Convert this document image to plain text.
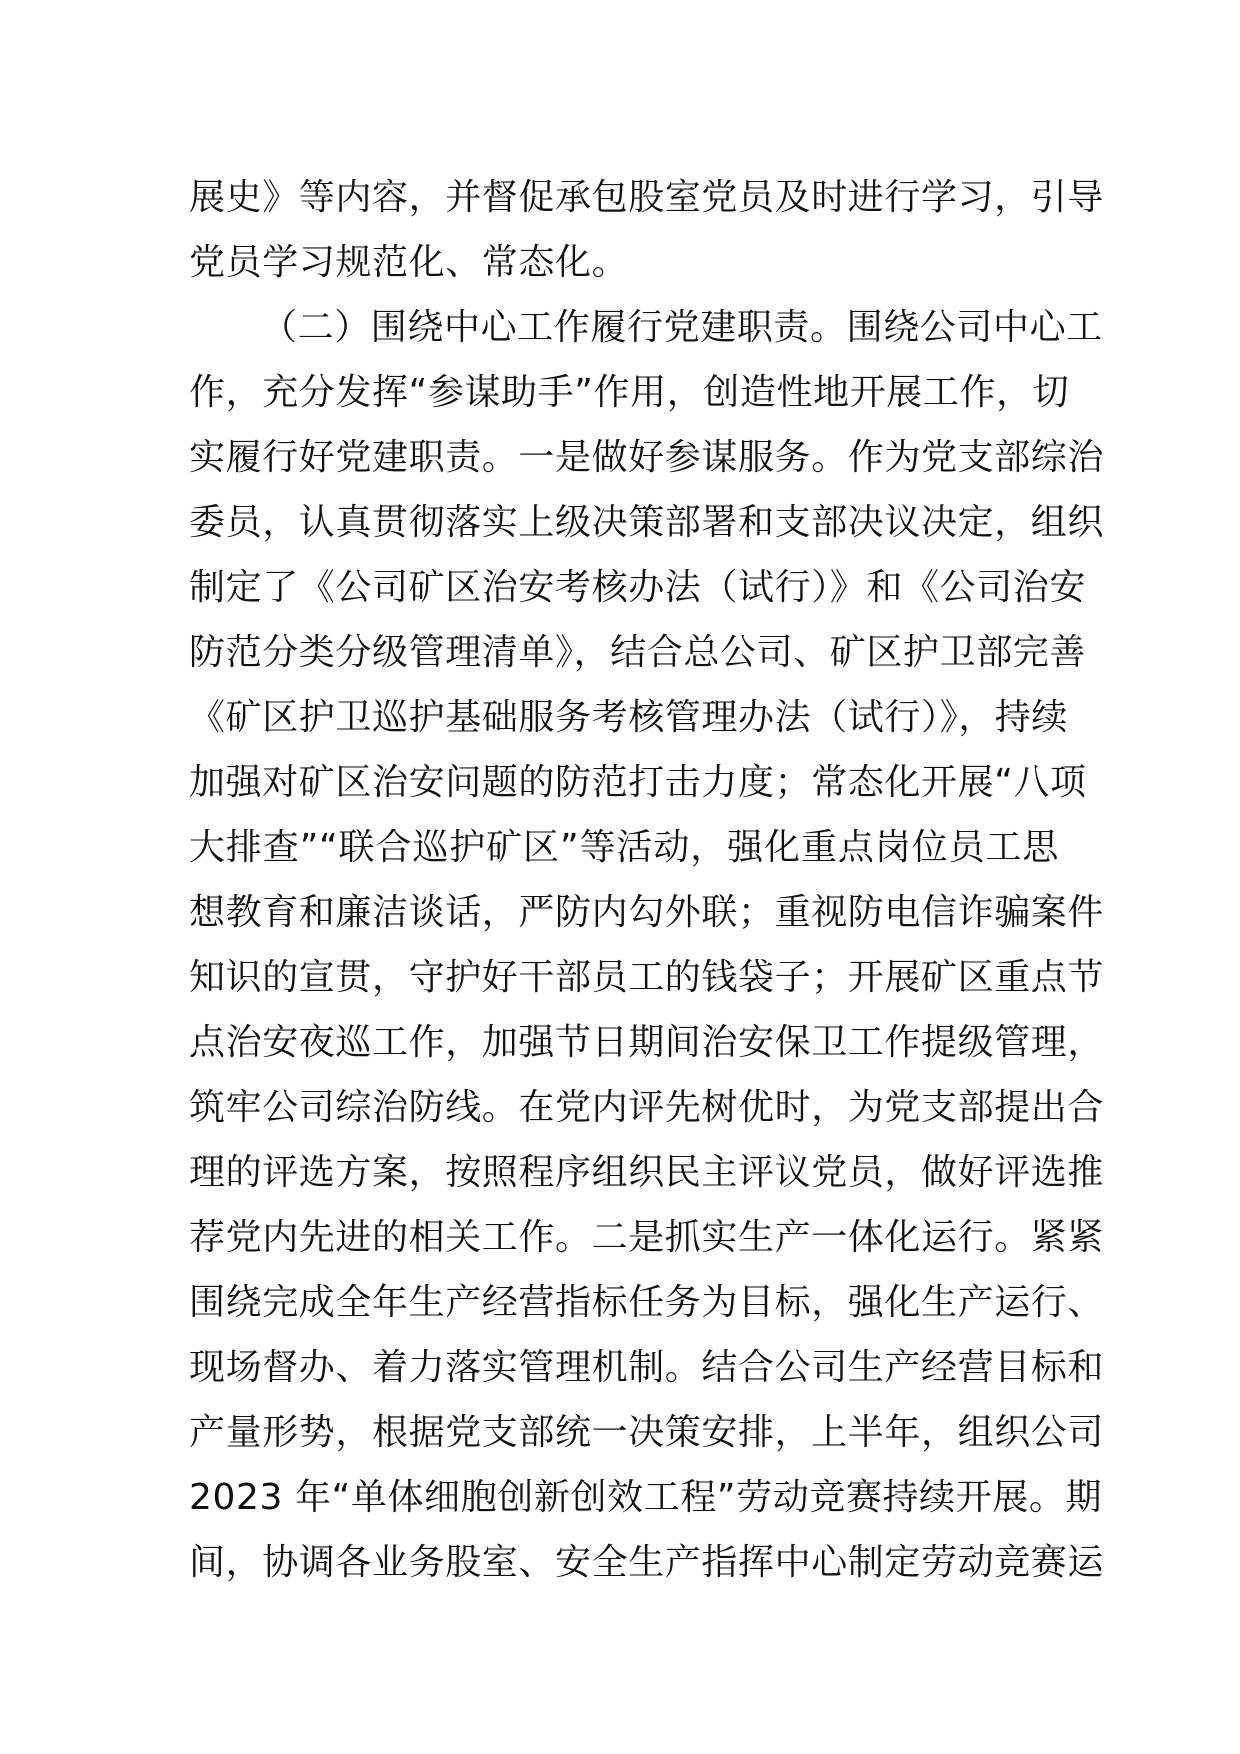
展史》等内容，并督促承包股室党员及时进行学习，引导
党员学习规范化、常态化。
（二）围绕中心工作履行党建职责。围绕公司中心工
作，充分发挥“参谋助手”作用，创造性地开展工作，切
实履行好党建职责。一是做好参谋服务。作为党支部综治
委员，认真贯彻落实上级决策部署和支部决议决定，组织
制定了《公司矿区治安考核办法（试行）》和《公司治安
防范分类分级管理清单》，结合总公司、矿区护卫部完善
《矿区护卫巡护基础服务考核管理办法（试行）》，持续
加强对矿区治安问题的防范打击力度；常态化开展“八项
大排查”“联合巡护矿区”等活动，强化重点岗位员工思
想教育和廉洁谈话，严防内勾外联；重视防电信诈骗案件
知识的宣贯，守护好干部员工的钱袋子；开展矿区重点节
点治安夜巡工作，加强节日期间治安保卫工作提级管理，
筑牢公司综治防线。在党内评先树优时，为党支部提出合
理的评选方案，按照程序组织民主评议党员，做好评选推
荐党内先进的相关工作。二是抓实生产一体化运行。紧紧
围绕完成全年生产经营指标任务为目标，强化生产运行、
现场督办、着力落实管理机制。结合公司生产经营目标和
产量形势，根据党支部统一决策安排，上半年，组织公司
2023 年“单体细胞创新创效工程”劳动竞赛持续开展。期
间，协调各业务股室、安全生产指挥中心制定劳动竞赛运
